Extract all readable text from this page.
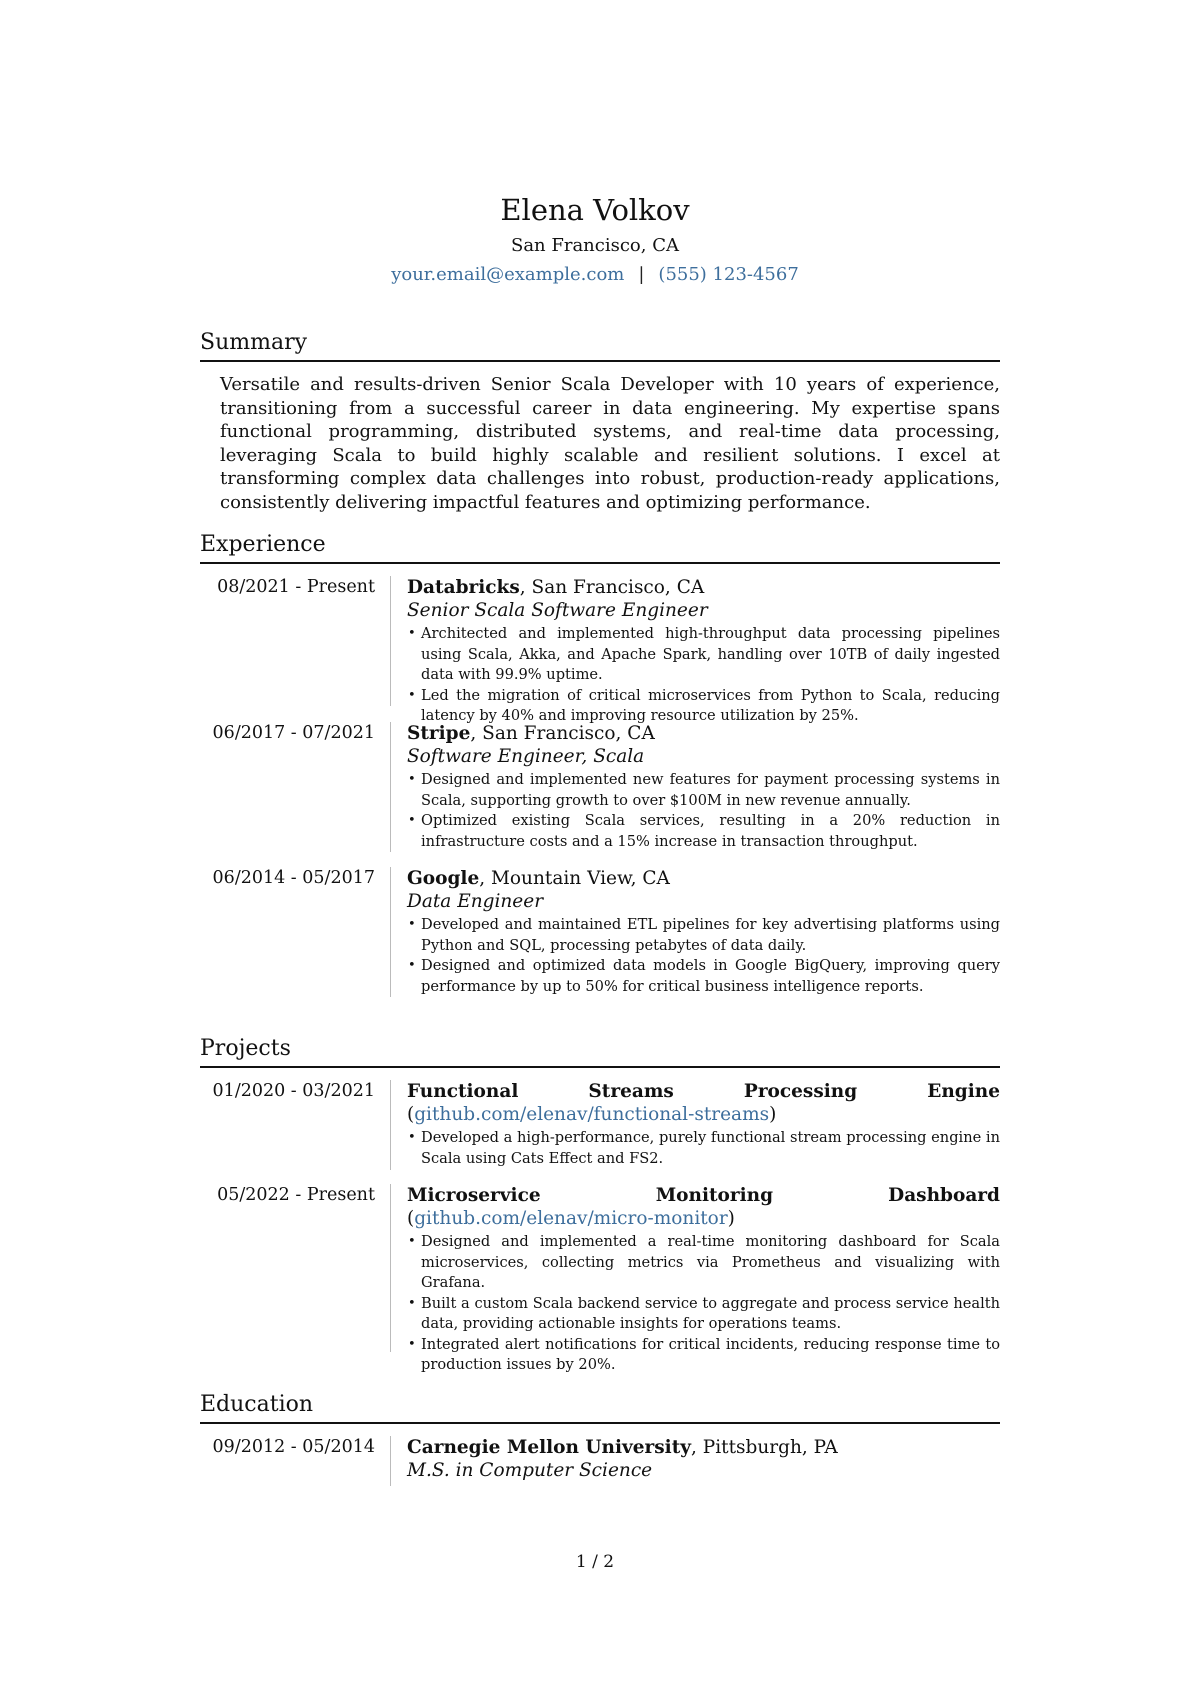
Elena Volkov
San Francisco, CA
your.email@example.com | (555) 123-4567
Summary

Versatile and results-driven Senior Scala Developer with 10 years of experience, transitioning from a successful career in data engineering. My expertise spans functional programming, distributed systems, and real-time data processing, leveraging Scala to build highly scalable and resilient solutions. I excel at transforming complex data challenges into robust, production-ready applications, consistently delivering impactful features and optimizing performance.

Experience
08/2021 - Present Databricks, San Francisco, CA
Senior Scala Software Engineer
• Architected and implemented high-throughput data processing pipelines using Scala, Akka, and Apache Spark, handling over 10TB of daily ingested data with 99.9% uptime.
• Led the migration of critical microservices from Python to Scala, reducing latency by 40% and improving resource utilization by 25%.
06/2017 - 07/2021 Stripe, San Francisco, CA
Software Engineer, Scala
• Designed and implemented new features for payment processing systems in Scala, supporting growth to over $100M in new revenue annually.
• Optimized existing Scala services, resulting in a 20% reduction in infrastructure costs and a 15% increase in transaction throughput.
06/2014 - 05/2017 Google, Mountain View, CA
Data Engineer
• Developed and maintained ETL pipelines for key advertising platforms using Python and SQL, processing petabytes of data daily.
• Designed and optimized data models in Google BigQuery, improving query performance by up to 50% for critical business intelligence reports.
Projects
01/2020 - 03/2021 Functional Streams Processing Engine (github.com/elenav/functional-streams)
• Developed a high-performance, purely functional stream processing engine in Scala using Cats Effect and FS2.
05/2022 - Present Microservice Monitoring Dashboard (github.com/elenav/micro-monitor)
• Designed and implemented a real-time monitoring dashboard for Scala microservices, collecting metrics via Prometheus and visualizing with Grafana.
• Built a custom Scala backend service to aggregate and process service health data, providing actionable insights for operations teams.
• Integrated alert notifications for critical incidents, reducing response time to production issues by 20%.
Education
09/2012 - 05/2014 Carnegie Mellon University, Pittsburgh, PA
M.S. in Computer Science
1 / 2
